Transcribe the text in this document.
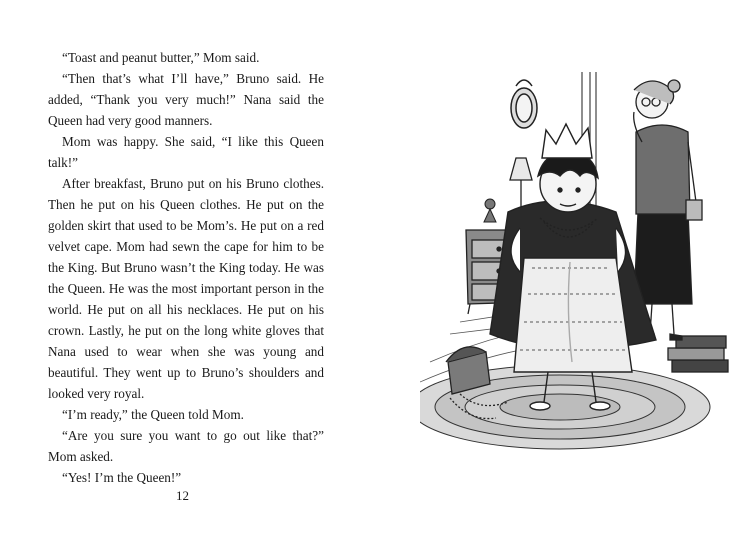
“Toast and peanut butter,” Mom said.

“Then that’s what I’ll have,” Bruno said. He added, “Thank you very much!” Nana said the Queen had very good manners.

Mom was happy. She said, “I like this Queen talk!”

After breakfast, Bruno put on his Bruno clothes. Then he put on his Queen clothes. He put on the golden skirt that used to be Mom’s. He put on a red velvet cape. Mom had sewn the cape for him to be the King. But Bruno wasn’t the King today. He was the Queen. He was the most important person in the world. He put on all his necklaces. He put on his crown. Lastly, he put on the long white gloves that Nana used to wear when she was young and beautiful. They went up to Bruno’s shoulders and looked very royal.

“I’m ready,” the Queen told Mom.

“Are you sure you want to go out like that?” Mom asked.

“Yes! I’m the Queen!”

12
